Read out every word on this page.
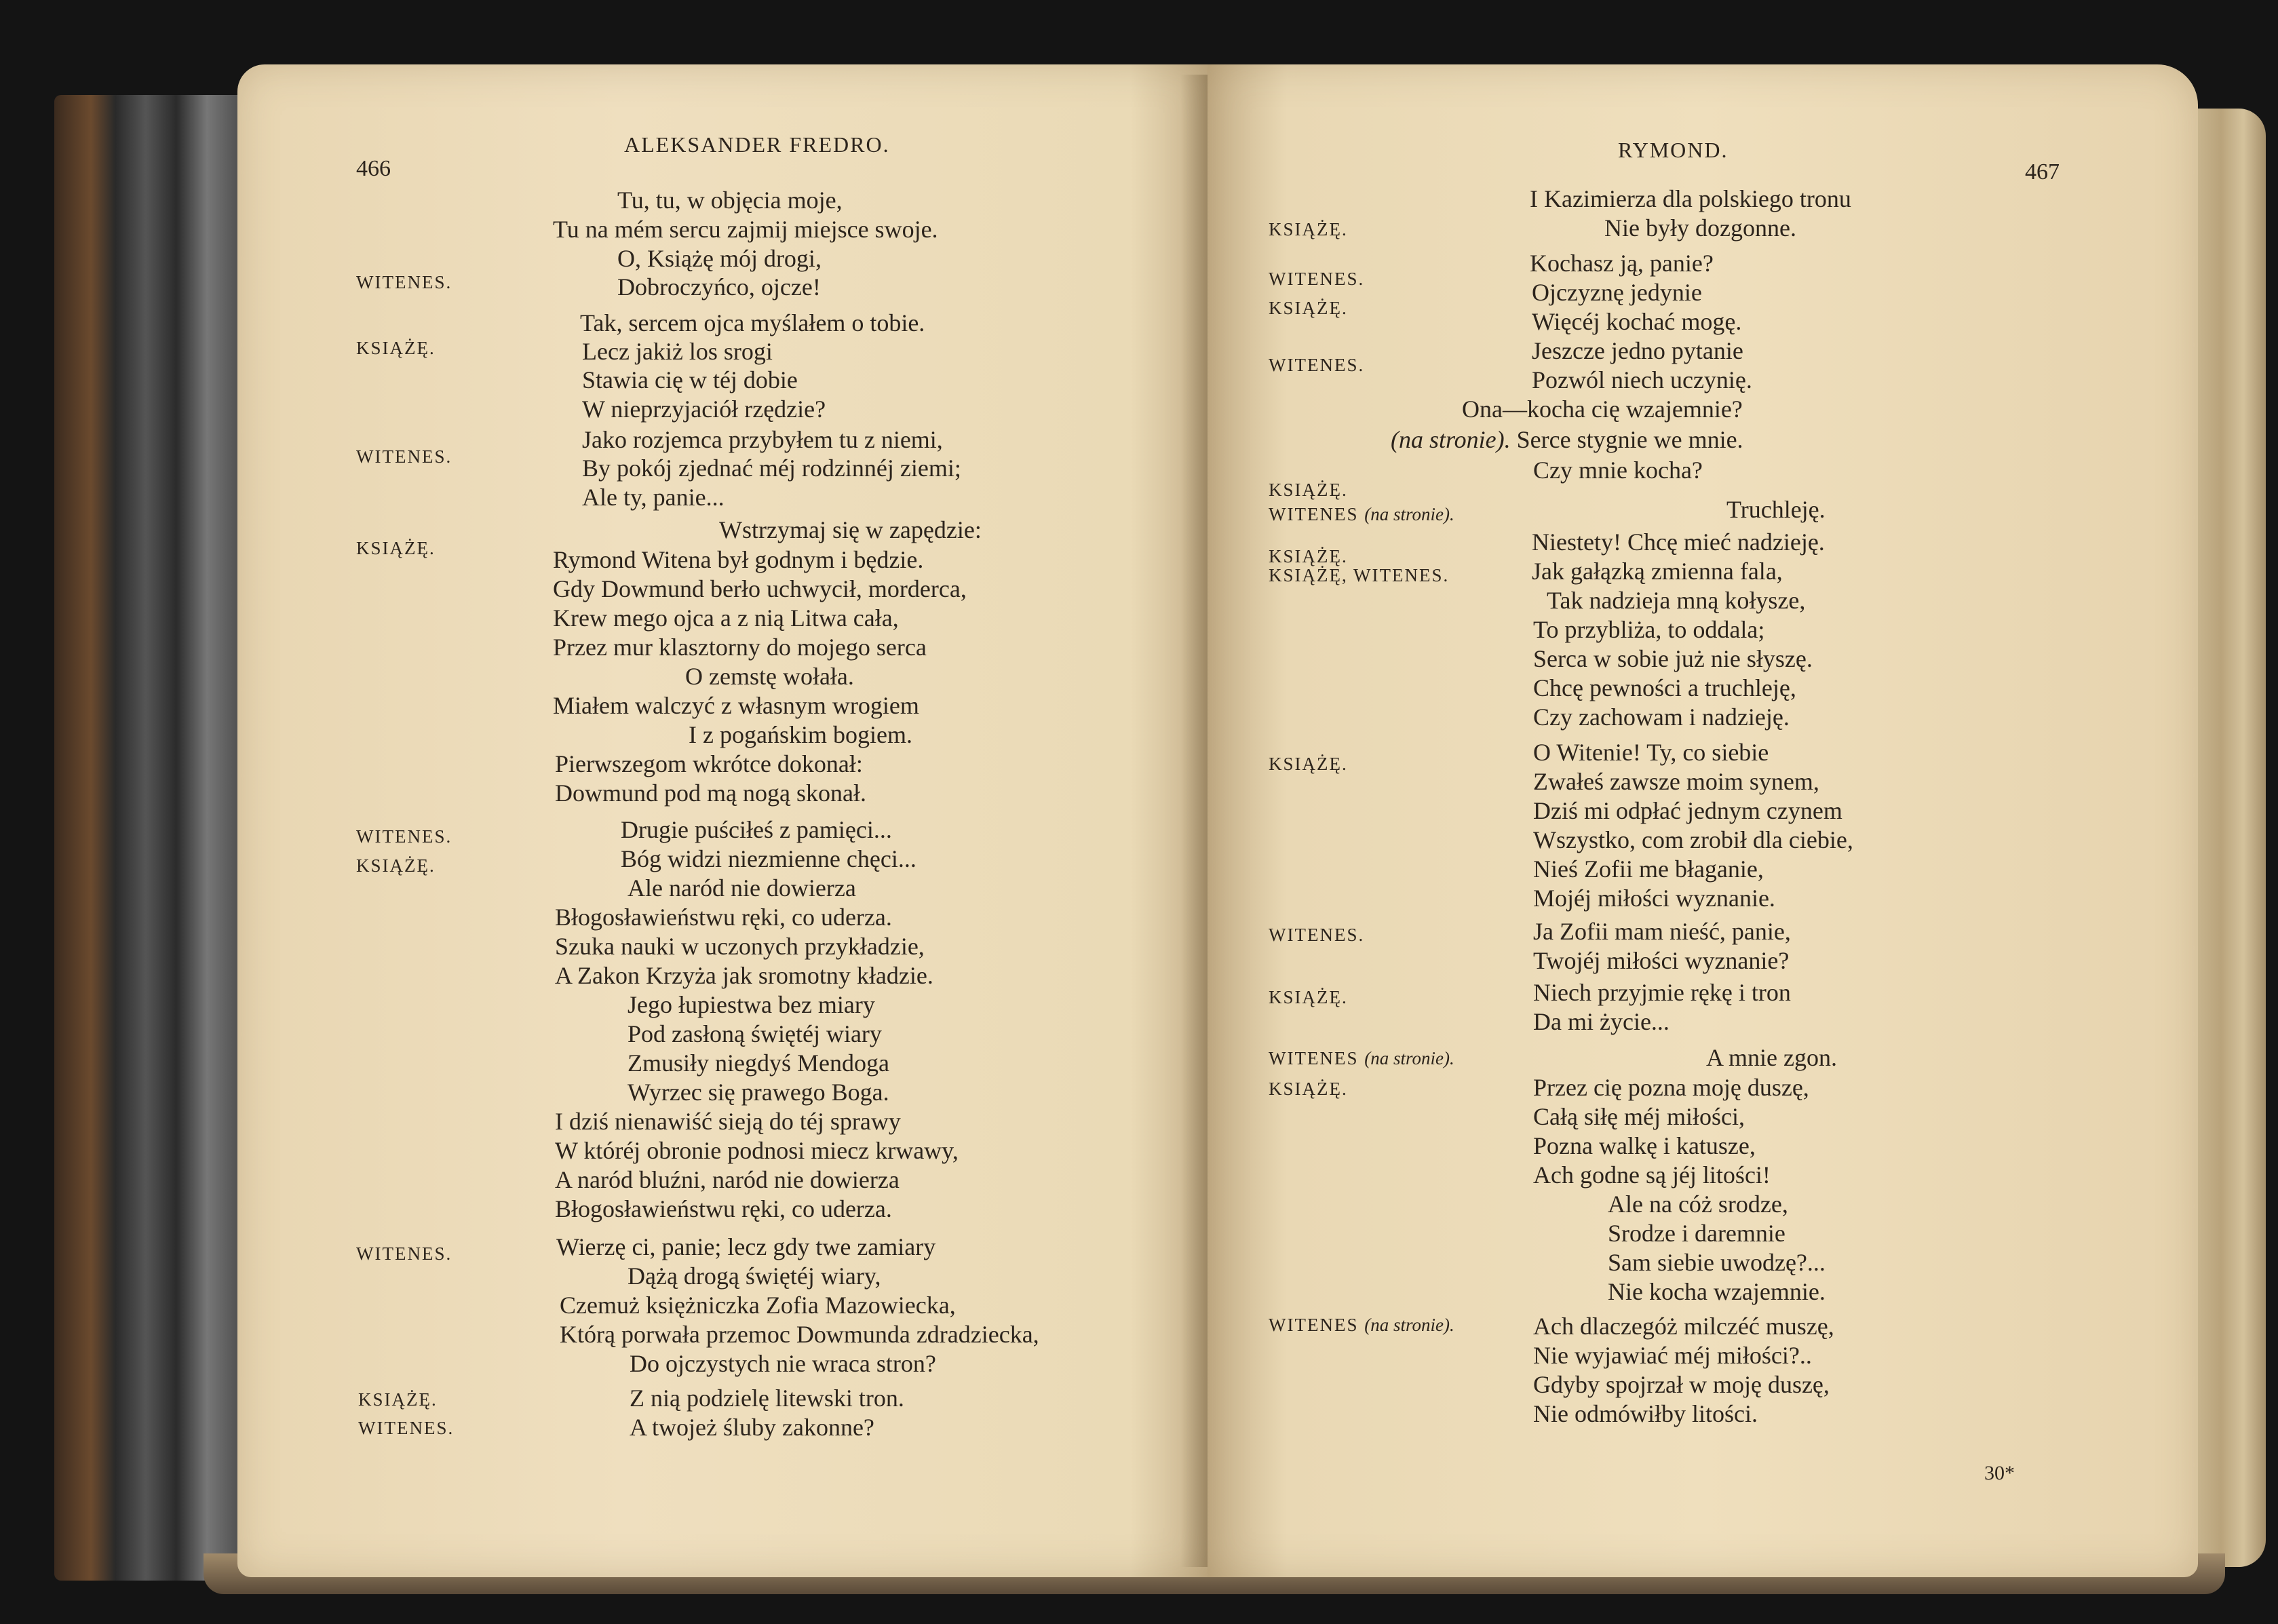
466
ALEKSANDER FREDRO.
WITENES.
KSIĄŻĘ.
WITENES.
KSIĄŻĘ.
WITENES.
KSIĄŻĘ.
WITENES.
KSIĄŻĘ.
WITENES.
Tu, tu, w objęcia moje,
Tu na mém sercu zajmij miejsce swoje.
O, Książę mój drogi,
Dobroczyńco, ojcze!
Tak, sercem ojca myślałem o tobie.
Lecz jakiż los srogi
Stawia cię w téj dobie
W nieprzyjaciół rzędzie?
Jako rozjemca przybyłem tu z niemi,
By pokój zjednać méj rodzinnéj ziemi;
Ale ty, panie...
Wstrzymaj się w zapędzie:
Rymond Witena był godnym i będzie.
Gdy Dowmund berło uchwycił, morderca,
Krew mego ojca a z nią Litwa cała,
Przez mur klasztorny do mojego serca
O zemstę wołała.
Miałem walczyć z własnym wrogiem
I z pogańskim bogiem.
Pierwszegom wkrótce dokonał:
Dowmund pod mą nogą skonał.
Drugie puściłeś z pamięci...
Bóg widzi niezmienne chęci...
Ale naród nie dowierza
Błogosławieństwu ręki, co uderza.
Szuka nauki w uczonych przykładzie,
A Zakon Krzyża jak sromotny kładzie.
Jego łupiestwa bez miary
Pod zasłoną świętéj wiary
Zmusiły niegdyś Mendoga
Wyrzec się prawego Boga.
I dziś nienawiść sieją do téj sprawy
W któréj obronie podnosi miecz krwawy,
A naród bluźni, naród nie dowierza
Błogosławieństwu ręki, co uderza.
Wierzę ci, panie; lecz gdy twe zamiary
Dążą drogą świętéj wiary,
Czemuż księżniczka Zofia Mazowiecka,
Którą porwała przemoc Dowmunda zdradziecka,
Do ojczystych nie wraca stron?
Z nią podzielę litewski tron.
A twojeż śluby zakonne?
RYMOND.
467
KSIĄŻĘ.
WITENES.
KSIĄŻĘ.
WITENES.
KSIĄŻĘ.
WITENES (na stronie).
KSIĄŻĘ.
KSIĄŻĘ, WITENES.
KSIĄŻĘ.
WITENES.
KSIĄŻĘ.
WITENES (na stronie).
KSIĄŻĘ.
WITENES (na stronie).
I Kazimierza dla polskiego tronu
Nie były dozgonne.
Kochasz ją, panie?
Ojczyznę jedynie
Więcéj kochać mogę.
Jeszcze jedno pytanie
Pozwól niech uczynię.
Ona—kocha cię wzajemnie?
(na stronie). Serce stygnie we mnie.
Czy mnie kocha?
Truchleję.
Niestety! Chcę mieć nadzieję.
Jak gałązką zmienna fala,
Tak nadzieja mną kołysze,
To przybliża, to oddala;
Serca w sobie już nie słyszę.
Chcę pewności a truchleję,
Czy zachowam i nadzieję.
O Witenie! Ty, co siebie
Zwałeś zawsze moim synem,
Dziś mi odpłać jednym czynem
Wszystko, com zrobił dla ciebie,
Nieś Zofii me błaganie,
Mojéj miłości wyznanie.
Ja Zofii mam nieść, panie,
Twojéj miłości wyznanie?
Niech przyjmie rękę i tron
Da mi życie...
A mnie zgon.
Przez cię pozna moję duszę,
Całą siłę méj miłości,
Pozna walkę i katusze,
Ach godne są jéj litości!
Ale na cóż srodze,
Srodze i daremnie
Sam siebie uwodzę?...
Nie kocha wzajemnie.
Ach dlaczegóż milczéć muszę,
Nie wyjawiać méj miłości?..
Gdyby spojrzał w moję duszę,
Nie odmówiłby litości.
30*
